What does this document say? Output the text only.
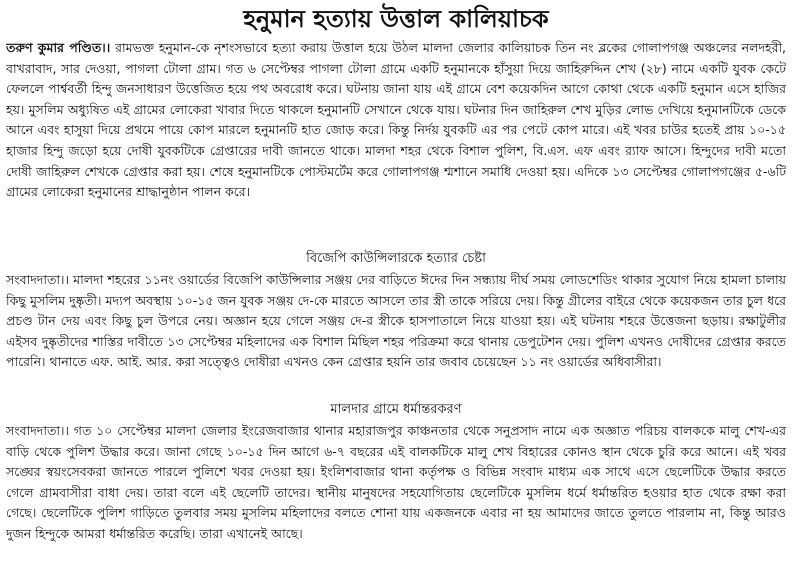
হনুমান হত্যায় উত্তাল কালিয়াচক

তরুণ কুমার পণ্ডিত।। রামভক্ত হনুমান-কে নৃশংসভাবে হত্যা করায় উত্তাল হয়ে উঠল মালদা জেলার কালিয়াচক তিন নং ব্লকের গোলাপগঞ্জ অঞ্চলের নলদহরী, বাখরাবাদ, সার দেওয়া, পাগলা টোলা গ্রাম। গত ৬ সেপ্টেম্বর পাগলা টোলা গ্রামে একটি হনুমানকে হাঁসুয়া দিয়ে জাহিরুদ্দিন শেখ (২৮) নামে একটি যুবক কেটে ফেললে পার্শ্ববর্তী হিন্দু জনসাধারণ উত্তেজিত হয়ে পথ অবরোধ করে। ঘটনায় জানা যায় এই গ্রামে বেশ কয়েকদিন আগে কোথা থেকে একটি হনুমান এসে হাজির হয়। মুসলিম অধ্যুষিত এই গ্রামের লোকেরা খাবার দিতে থাকলে হনুমানটি সেখানে থেকে যায়। ঘটনার দিন জাহিরুল শেখ মুড়ির লোভ দেখিয়ে হনুমানটিকে ডেকে আনে এবং হাসুয়া দিয়ে প্রথমে পায়ে কোপ মারলে হনুমানটি হাত জোড় করে। কিন্তু নির্দয় যুবকটি এর পর পেটে কোপ মারে। এই খবর চাউর হতেই প্রায় ১০-১৫ হাজার হিন্দু জড়ো হয়ে দোষী যুবকটিকে গ্রেপ্তারের দাবী জানতে থাকে। মালদা শহর থেকে বিশাল পুলিশ, বি.এস. এফ এবং র‌্যাফ আসে। হিন্দুদের দাবী মতো দোষী জাহিরুল শেখকে গ্রেপ্তার করা হয়। শেষে হনুমানটিকে পোস্টমর্টেম করে গোলাপগঞ্জ শ্মশানে সমাধি দেওয়া হয়। এদিকে ১৩ সেপ্টেম্বর গোলাপগঞ্জের ৫-৬টি গ্রামের লোকেরা হনুমানের শ্রাদ্ধানুষ্ঠান পালন করে।

বিজেপি কাউন্সিলারকে হত্যার চেষ্টা

সংবাদদাতা।। মালদা শহরের ১১নং ওয়ার্ডের বিজেপি কাউন্সিলার সঞ্জয় দের বাড়িতে ঈদের দিন সন্ধ্যায় দীর্ঘ সময় লোডশেডিং থাকার সুযোগ নিয়ে হামলা চালায় কিছু মুসলিম দুষ্কৃতী। মদ্যপ অবস্থায় ১০-১৫ জন যুবক সঞ্জয় দে-কে মারতে আসলে তার স্ত্রী তাকে সরিয়ে দেয়। কিন্তু গ্রীলের বাইরে থেকে কয়েকজন তার চুল ধরে প্রচণ্ড টান দেয় এবং কিছু চুল উপরে নেয়। অজ্ঞান হয়ে গেলে সঞ্জয় দে-র স্ত্রীকে হাসপাতালে নিয়ে যাওয়া হয়। এই ঘটনায় শহরে উত্তেজনা ছড়ায়। রক্ষাটুলীর এইসব দুষ্কৃতীদের শাস্তির দাবীতে ১৩ সেপ্টেম্বর মহিলাদের এক বিশাল মিছিল শহর পরিক্রমা করে থানায় ডেপুটেশন দেয়। পুলিশ এখনও দোষীদের গ্রেপ্তার করতে পারেনি। থানাতে এফ. আই. আর. করা সত্ত্বেও দোষীরা এখনও কেন গ্রেপ্তার হয়নি তার জবাব চেয়েছেন ১১ নং ওয়ার্ডের অধিবাসীরা।

মালদার গ্রামে ধর্মান্তরকরণ

সংবাদদাতা।। গত ১০ সেপ্টেম্বর মালদা জেলার ইংরেজবাজার থানার মহারাজপুর কাঞ্চনতার থেকে সনুপ্রসাদ নামে এক অজ্ঞাত পরিচয় বালককে মালু শেখ-এর বাড়ি থেকে পুলিশ উদ্ধার করে। জানা গেছে ১০-১৫ দিন আগে ৬-৭ বছরের এই বালকটিকে মালু শেখ বিহারের কোনও স্থান থেকে চুরি করে আনে। এই খবর সঙ্ঘের স্বয়ংসেবকরা জানতে পারলে পুলিশে খবর দেওয়া হয়। ইংলিশবাজার থানা কর্তৃপক্ষ ও বিভিন্ন সংবাদ মাধ্যম এক সাথে এসে ছেলেটিকে উদ্ধার করতে গেলে গ্রামবাসীরা বাধা দেয়। তারা বলে এই ছেলেটি তাদের। স্থানীয় মানুষদের সহযোগিতায় ছেলেটিকে মুসলিম ধর্মে ধর্মান্তরিত হওয়ার হাত থেকে রক্ষা করা গেছে। ছেলেটিকে পুলিশ গাড়িতে তুলবার সময় মুসলিম মহিলাদের বলতে শোনা যায় একজনকে এবার না হয় আমাদের জাতে তুলতে পারলাম না, কিন্তু আরও দুজন হিন্দুকে আমরা ধর্মান্তরিত করেছি। তারা এখানেই আছে।
